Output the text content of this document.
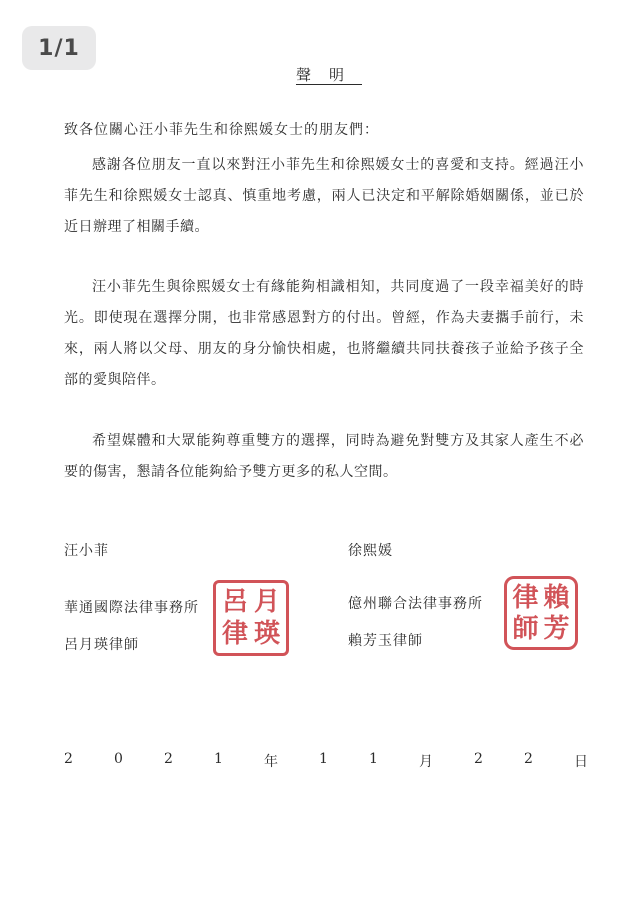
1/1
聲明
致各位關心汪小菲先生和徐熙媛女士的朋友們：

感謝各位朋友一直以來對汪小菲先生和徐熙媛女士的喜愛和支持。經過汪小菲先生和徐熙媛女士認真、慎重地考慮，兩人已決定和平解除婚姻關係，並已於近日辦理了相關手續。

汪小菲先生與徐熙媛女士有緣能夠相識相知，共同度過了一段幸福美好的時光。即使現在選擇分開，也非常感恩對方的付出。曾經，作為夫妻攜手前行，未來，兩人將以父母、朋友的身分愉快相處，也將繼續共同扶養孩子並給予孩子全部的愛與陪伴。

希望媒體和大眾能夠尊重雙方的選擇，同時為避免對雙方及其家人產生不必要的傷害，懇請各位能夠給予雙方更多的私人空間。

汪小菲
華通國際法律事務所
呂月瑛律師
呂 月
律 瑛
徐熙媛
億州聯合法律事務所
賴芳玉律師
律 賴
師 芳
2	0	2	1	年	1	1	月	2	2	日
